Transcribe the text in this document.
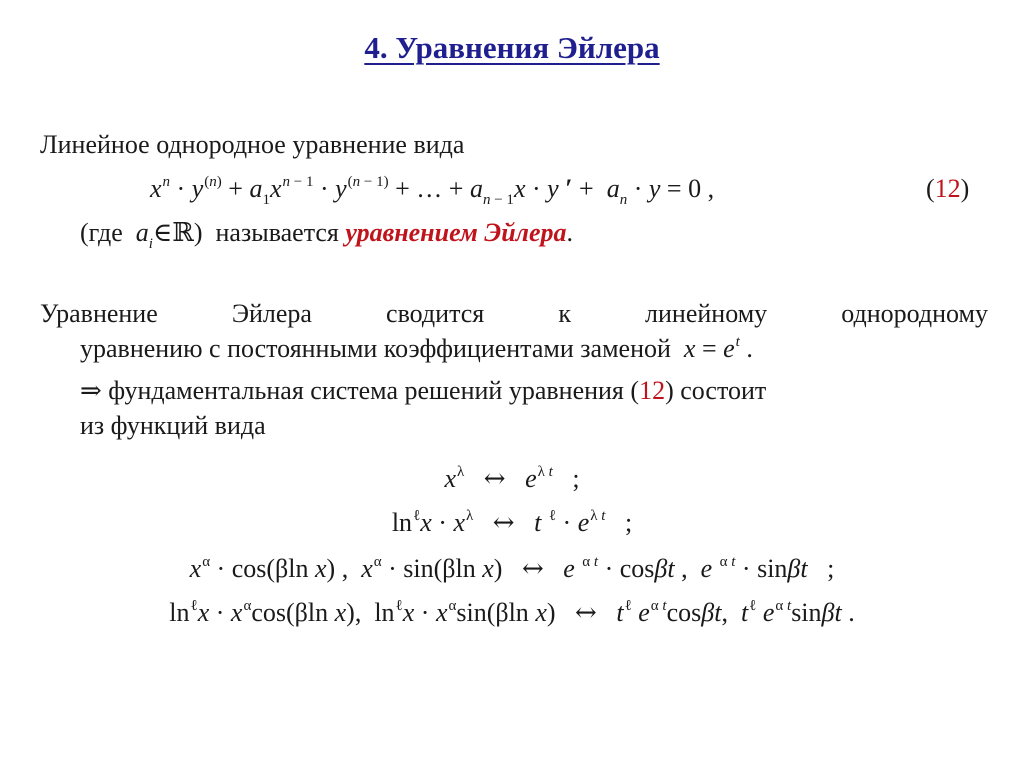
4. Уравнения Эйлера
Линейное однородное уравнение вида
$x^n \cdot y^{(n)} + a_1x^{n - 1} \cdot y^{(n - 1)}$ + … + $a_{n - 1}x \cdot y$ ′ +  $a_n \cdot y = 0$ ,	(12)
(где $a_i\in ℝ$)  называется уравнением Эйлера.
Уравнение Эйлера сводится к линейному однородному
уравнению с постоянными коэффициентами заменой $x = e^t$ .
⇒ фундаментальная система решений уравнения (12) состоит
из функций вида
$x^\lambda$ ↔ $e^{\lambda t}$   ;
$\ln^\ell x \cdot x^\lambda$ ↔ t $^\ell \cdot e^{\lambda t}$   ;
$x^\alpha \cdot \cos(\beta\ln$ x) ,  $x^\alpha \cdot \sin(\beta\ln$ x)   ↔ e $^{\alpha t}$ · cosβt ,  e $^{\alpha t}$ · sinβt   ;
$\ln^\ell x \cdot x^\alpha\cos(\beta\ln$ x),  $\ln^\ell x \cdot x^\alpha\sin(\beta\ln$ x)   ↔ $t^\ell$ $e^{\alpha t}\cos\beta t$,  $t^\ell$ $e^{\alpha t}\sin\beta t$ .
